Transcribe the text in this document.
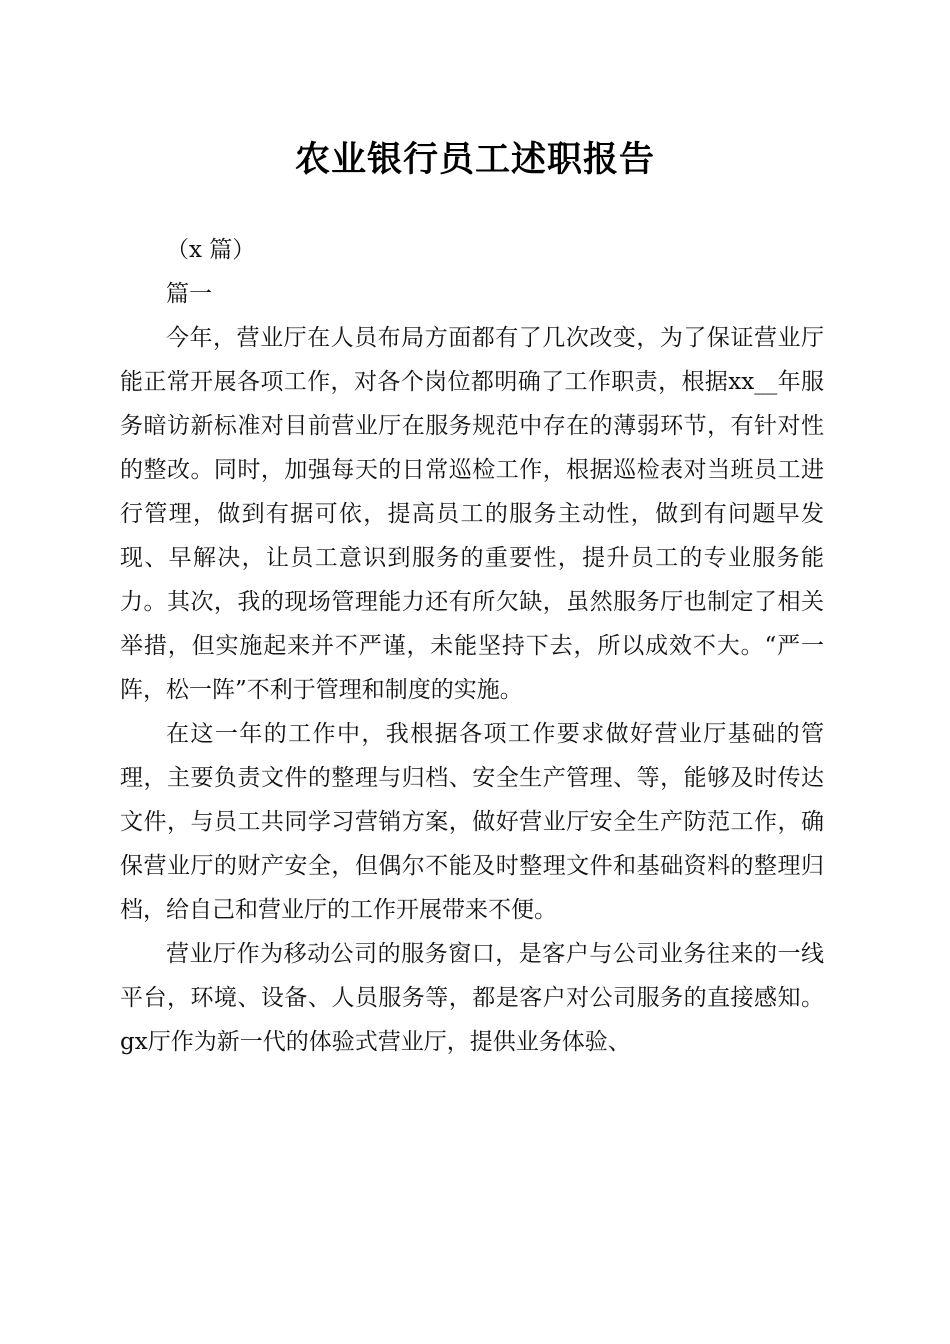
农业银行员工述职报告

（x 篇）

篇一

今年，营业厅在人员布局方面都有了几次改变，为了保证营业厅能正常开展各项工作，对各个岗位都明确了工作职责，根据xx__年服务暗访新标准对目前营业厅在服务规范中存在的薄弱环节，有针对性的整改。同时，加强每天的日常巡检工作，根据巡检表对当班员工进行管理，做到有据可依，提高员工的服务主动性，做到有问题早发现、早解决，让员工意识到服务的重要性，提升员工的专业服务能力。其次，我的现场管理能力还有所欠缺，虽然服务厅也制定了相关举措，但实施起来并不严谨，未能坚持下去，所以成效不大。“严一阵，松一阵”不利于管理和制度的实施。

在这一年的工作中，我根据各项工作要求做好营业厅基础的管理，主要负责文件的整理与归档、安全生产管理、等，能够及时传达文件，与员工共同学习营销方案，做好营业厅安全生产防范工作，确保营业厅的财产安全，但偶尔不能及时整理文件和基础资料的整理归档，给自己和营业厅的工作开展带来不便。

营业厅作为移动公司的服务窗口，是客户与公司业务往来的一线平台，环境、设备、人员服务等，都是客户对公司服务的直接感知。gx厅作为新一代的体验式营业厅，提供业务体验、
